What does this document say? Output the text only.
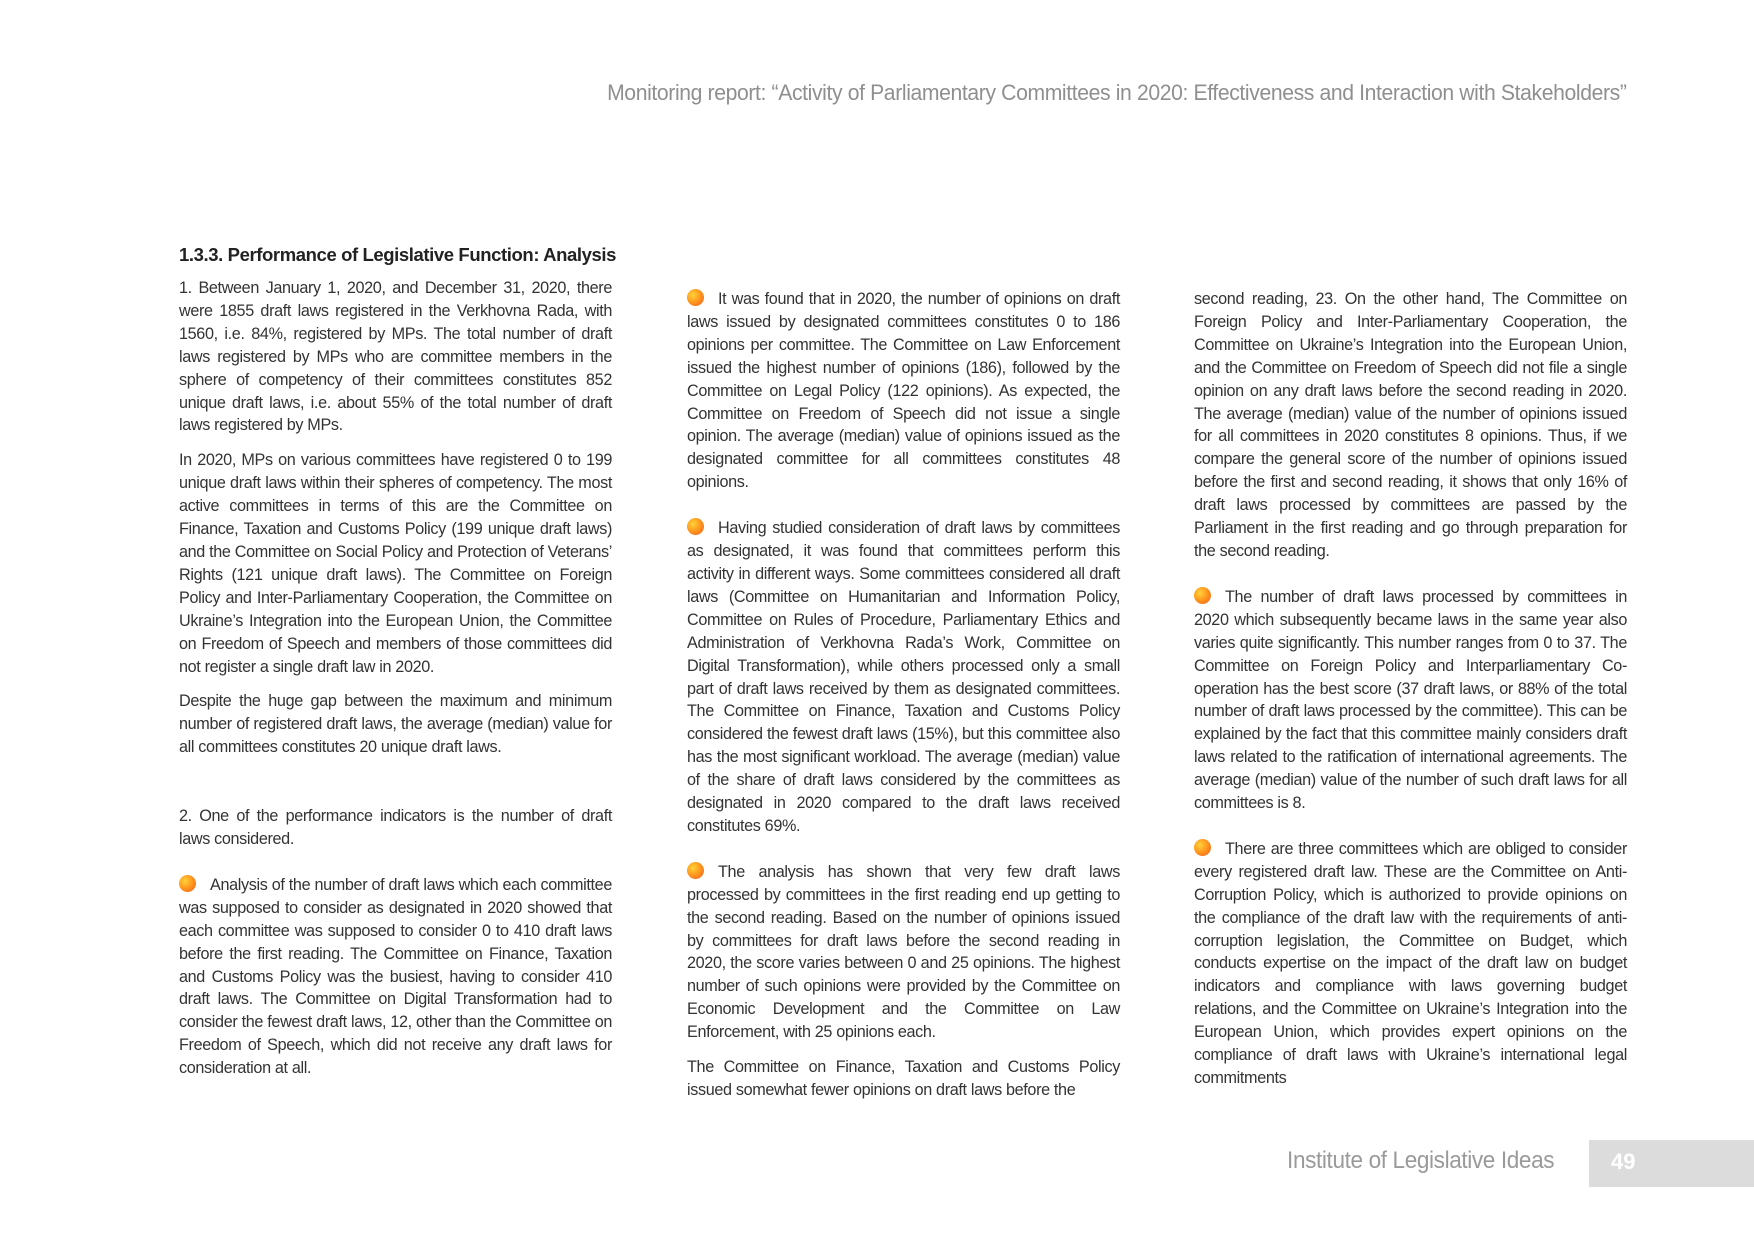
Monitoring report: “Activity of Parliamentary Committees in 2020: Effectiveness and Interaction with Stakeholders”
1.3.3. Performance of Legislative Function: Analysis

1. Between January 1, 2020, and December 31, 2020, there were 1855 draft laws registered in the Verkhovna Rada, with 1560, i.e. 84%, registered by MPs. The total number of draft laws registered by MPs who are committee members in the sphere of competency of their committees constitutes 852 unique draft laws, i.e. about 55% of the total number of draft laws registered by MPs.

In 2020, MPs on various committees have registered 0 to 199 unique draft laws within their spheres of competency. The most active committees in terms of this are the Committee on Finance, Taxation and Customs Policy (199 unique draft laws) and the Committee on Social Policy and Protection of Veterans’ Rights (121 unique draft laws). The Committee on Foreign Policy and Inter-Parliamentary Cooperation, the Committee on Ukraine’s Integration into the European Union, the Committee on Freedom of Speech and members of those committees did not register a single draft law in 2020.

Despite the huge gap between the maximum and minimum number of registered draft laws, the average (median) value for all committees constitutes 20 unique draft laws.

2. One of the performance indicators is the number of draft laws considered.

Analysis of the number of draft laws which each committee was supposed to consider as designated in 2020 showed that each committee was supposed to consider 0 to 410 draft laws before the first reading. The Committee on Finance, Taxation and Customs Policy was the busiest, having to consider 410 draft laws. The Committee on Digital Transformation had to consider the fewest draft laws, 12, other than the Committee on Freedom of Speech, which did not receive any draft laws for consideration at all.

It was found that in 2020, the number of opinions on draft laws issued by designated committees constitutes 0 to 186 opinions per committee. The Committee on Law Enforcement issued the highest number of opinions (186), followed by the Committee on Legal Policy (122 opinions). As expected, the Committee on Freedom of Speech did not issue a single opinion. The average (median) value of opinions issued as the designated committee for all committees constitutes 48 opinions.

Having studied consideration of draft laws by committees as designated, it was found that committees perform this activity in different ways. Some committees considered all draft laws (Committee on Humanitarian and Information Policy, Committee on Rules of Procedure, Parliamentary Ethics and Administration of Verkhovna Rada’s Work, Committee on Digital Transformation), while others processed only a small part of draft laws received by them as designated committees. The Committee on Finance, Taxation and Customs Policy considered the fewest draft laws (15%), but this committee also has the most significant workload. The average (median) value of the share of draft laws considered by the committees as designated in 2020 compared to the draft laws received constitutes 69%.

The analysis has shown that very few draft laws processed by committees in the first reading end up getting to the second reading. Based on the number of opinions issued by committees for draft laws before the second reading in 2020, the score varies between 0 and 25 opinions. The highest number of such opinions were provided by the Committee on Economic Development and the Committee on Law Enforcement, with 25 opinions each.

The Committee on Finance, Taxation and Customs Policy issued somewhat fewer opinions on draft laws before the

second reading, 23. On the other hand, The Committee on Foreign Policy and Inter-Parliamentary Cooperation, the Committee on Ukraine’s Integration into the European Union, and the Committee on Freedom of Speech did not file a single opinion on any draft laws before the second reading in 2020. The average (median) value of the number of opinions issued for all committees in 2020 constitutes 8 opinions. Thus, if we compare the general score of the number of opinions issued before the first and second reading, it shows that only 16% of draft laws processed by committees are passed by the Parliament in the first reading and go through preparation for the second reading.

The number of draft laws processed by committees in 2020 which subsequently became laws in the same year also varies quite significantly. This number ranges from 0 to 37. The Committee on Foreign Policy and Interparliamentary Co-operation has the best score (37 draft laws, or 88% of the total number of draft laws processed by the committee). This can be explained by the fact that this committee mainly considers draft laws related to the ratification of international agreements. The average (median) value of the number of such draft laws for all committees is 8.

There are three committees which are obliged to consider every registered draft law. These are the Committee on Anti-Corruption Policy, which is authorized to provide opinions on the compliance of the draft law with the requirements of anti-corruption legislation, the Committee on Budget, which conducts expertise on the impact of the draft law on budget indicators and compliance with laws governing budget relations, and the Committee on Ukraine’s Integration into the European Union, which provides expert opinions on the compliance of draft laws with Ukraine’s international legal commitments

Institute of Legislative Ideas	49
